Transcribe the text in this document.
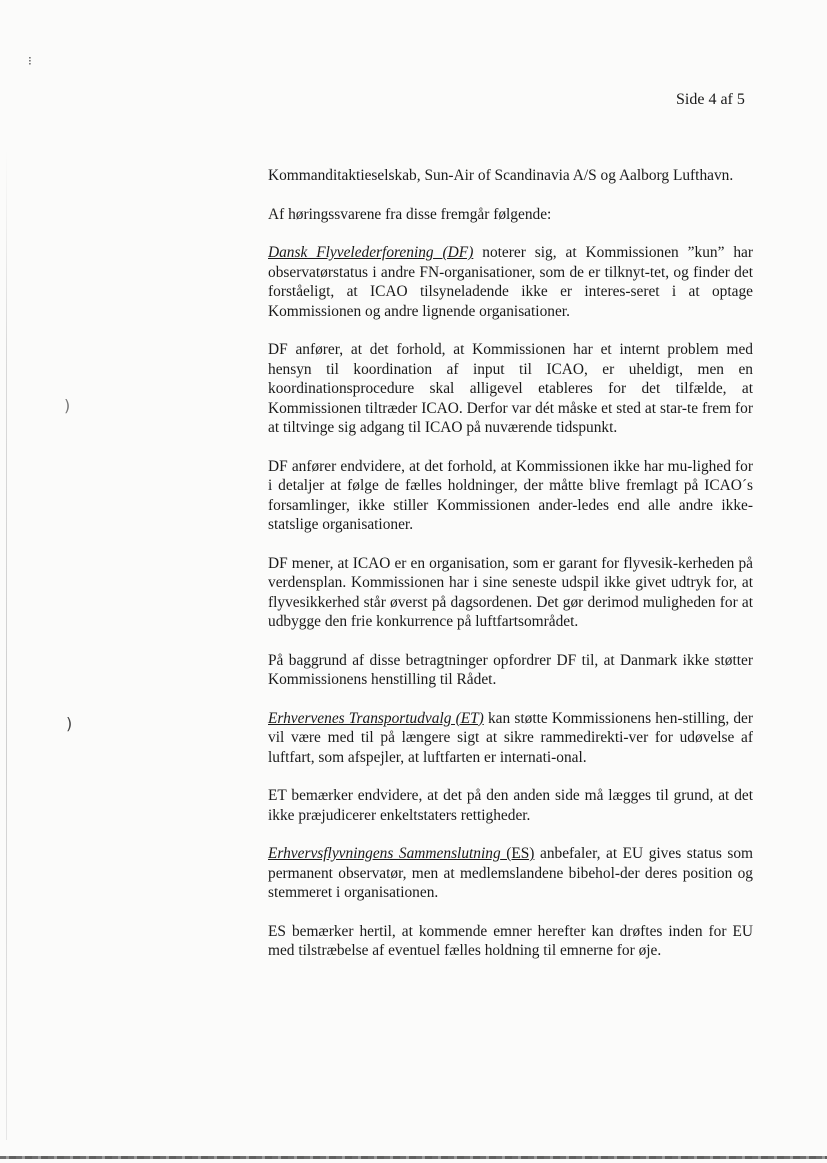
⁝
)
)
Side 4 af 5

Kommanditaktieselskab, Sun-Air of Scandinavia A/S og Aalborg Lufthavn.

Af høringssvarene fra disse fremgår følgende:

Dansk Flyvelederforening (DF) noterer sig, at Kommissionen ”kun” har observatørstatus i andre FN-organisationer, som de er tilknyt-tet, og finder det forståeligt, at ICAO tilsyneladende ikke er interes-seret i at optage Kommissionen og andre lignende organisationer.

DF anfører, at det forhold, at Kommissionen har et internt problem med hensyn til koordination af input til ICAO, er uheldigt, men en koordinationsprocedure skal alligevel etableres for det tilfælde, at Kommissionen tiltræder ICAO. Derfor var dét måske et sted at star-te frem for at tiltvinge sig adgang til ICAO på nuværende tidspunkt.

DF anfører endvidere, at det forhold, at Kommissionen ikke har mu-lighed for i detaljer at følge de fælles holdninger, der måtte blive fremlagt på ICAO´s forsamlinger, ikke stiller Kommissionen ander-ledes end alle andre ikke-statslige organisationer.

DF mener, at ICAO er en organisation, som er garant for flyvesik-kerheden på verdensplan. Kommissionen har i sine seneste udspil ikke givet udtryk for, at flyvesikkerhed står øverst på dagsordenen. Det gør derimod muligheden for at udbygge den frie konkurrence på luftfartsområdet.

På baggrund af disse betragtninger opfordrer DF til, at Danmark ikke støtter Kommissionens henstilling til Rådet.

Erhvervenes Transportudvalg (ET) kan støtte Kommissionens hen-stilling, der vil være med til på længere sigt at sikre rammedirekti-ver for udøvelse af luftfart, som afspejler, at luftfarten er internati-onal.

ET bemærker endvidere, at det på den anden side må lægges til grund, at det ikke præjudicerer enkeltstaters rettigheder.

Erhvervsflyvningens Sammenslutning (ES) anbefaler, at EU gives status som permanent observatør, men at medlemslandene bibehol-der deres position og stemmeret i organisationen.

ES bemærker hertil, at kommende emner herefter kan drøftes inden for EU med tilstræbelse af eventuel fælles holdning til emnerne for øje.
